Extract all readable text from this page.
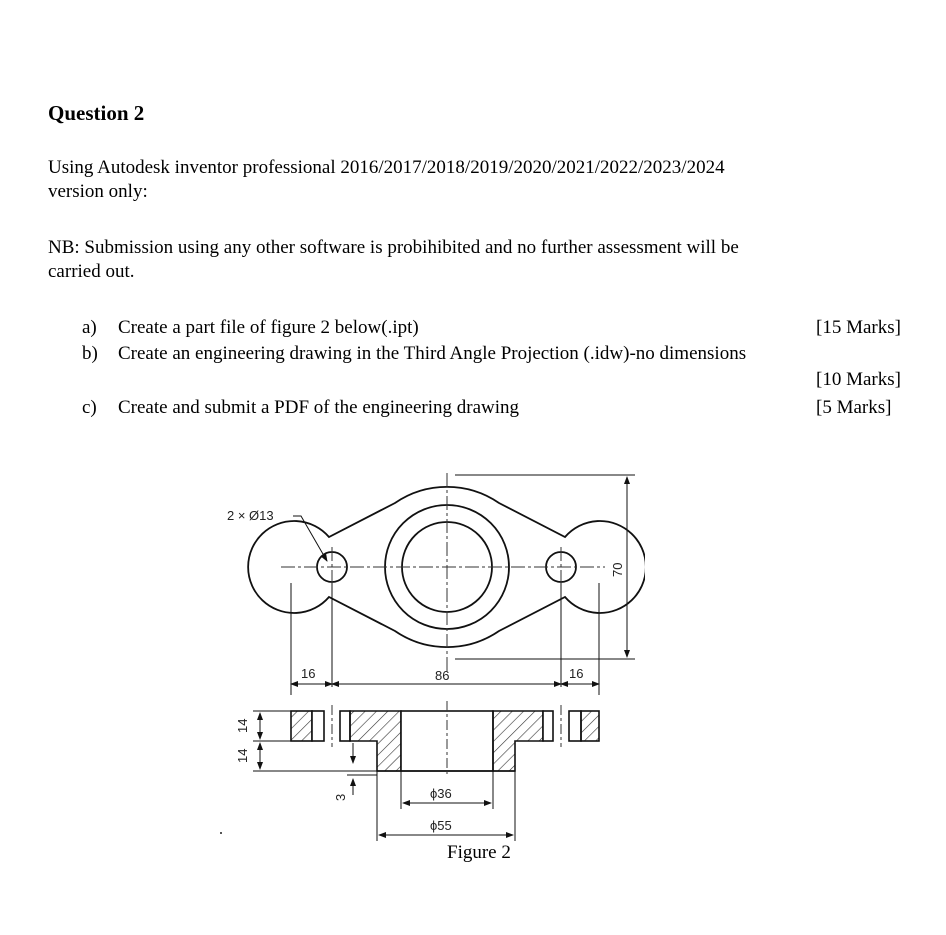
Question 2

Using Autodesk inventor professional 2016/2017/2018/2019/2020/2021/2022/2023/2024
version only:

NB: Submission using any other software is probihibited and no further assessment will be
carried out.

a) Create a part file of figure 2 below(.ipt)	[15 Marks]
b) Create an engineering drawing in the Third Angle Projection (.idw)-no dimensions
[10 Marks]
c) Create and submit a PDF of the engineering drawing	[5 Marks]
2 × Ø13
70
16	86	16
14
14
3	ϕ36
ϕ55
Figure 2
